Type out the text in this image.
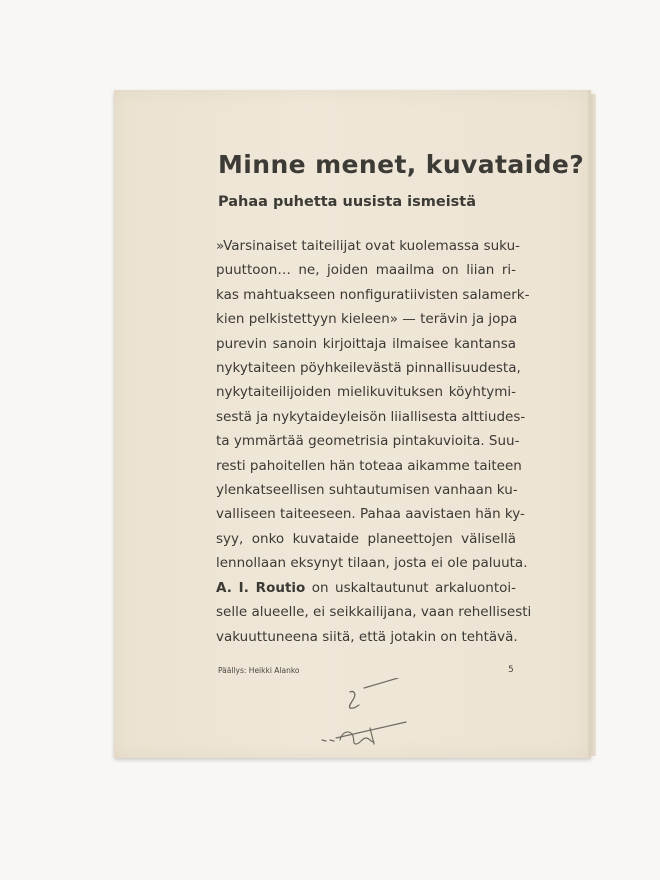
Minne menet, kuvataide?
Pahaa puhetta uusista ismeistä
»Varsinaiset taiteilijat ovat kuolemassa suku-
puuttoon… ne, joiden maailma on liian ri-
kas mahtuakseen nonfiguratiivisten salamerk-
kien pelkistettyyn kieleen» — terävin ja jopa
purevin sanoin kirjoittaja ilmaisee kantansa
nykytaiteen pöyhkeilevästä pinnallisuudesta,
nykytaiteilijoiden mielikuvituksen köyhtymi-
sestä ja nykytaideyleisön liiallisesta alttiudes-
ta ymmärtää geometrisia pintakuvioita. Suu-
resti pahoitellen hän toteaa aikamme taiteen
ylenkatseellisen suhtautumisen vanhaan ku-
valliseen taiteeseen. Pahaa aavistaen hän ky-
syy, onko kuvataide planeettojen välisellä
lennollaan eksynyt tilaan, josta ei ole paluuta.
A. I. Routio on uskaltautunut arkaluontoi-
selle alueelle, ei seikkailijana, vaan rehellisesti
vakuuttuneena siitä, että jotakin on tehtävä.
Päällys: Heikki Alanko	5
